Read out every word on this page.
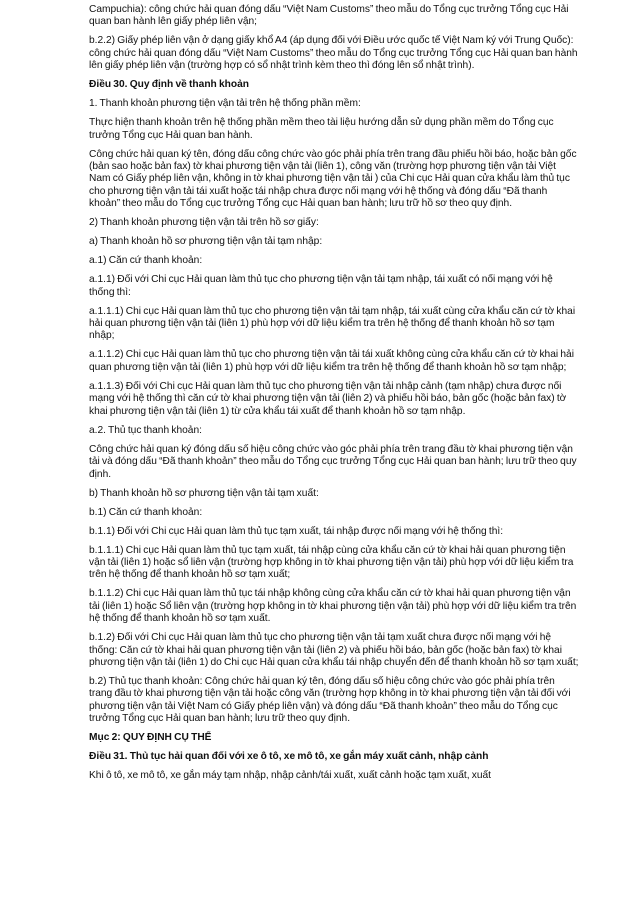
Campuchia): công chức hải quan đóng dấu “Việt Nam Customs” theo mẫu do Tổng cục trưởng Tổng cục Hải quan ban hành lên giấy phép liên vận;

b.2.2) Giấy phép liên vận ở dạng giấy khổ A4 (áp dụng đối với Điều ước quốc tế Việt Nam ký với Trung Quốc): công chức hải quan đóng dấu “Việt Nam Customs” theo mẫu do Tổng cục trưởng Tổng cục Hải quan ban hành lên giấy phép liên vận (trường hợp có sổ nhật trình kèm theo thì đóng lên sổ nhật trình).

Điều 30. Quy định về thanh khoản

1. Thanh khoản phương tiện vận tải trên hệ thống phần mềm:

Thực hiện thanh khoản trên hệ thống phần mềm theo tài liệu hướng dẫn sử dụng phần mềm do Tổng cục trưởng Tổng cục Hải quan ban hành.

Công chức hải quan ký tên, đóng dấu công chức vào góc phải phía trên trang đầu phiếu hồi báo, hoặc bản gốc (bản sao hoặc bản fax) tờ khai phương tiện vận tải (liên 1), công văn (trường hợp phương tiện vận tải Việt Nam có Giấy phép liên vận, không in tờ khai phương tiện vận tải ) của Chi cục Hải quan cửa khẩu làm thủ tục cho phương tiện vận tải tái xuất hoặc tái nhập chưa được nối mạng với hệ thống và đóng dấu “Đã thanh khoản” theo mẫu do Tổng cục trưởng Tổng cục Hải quan ban hành; lưu trữ hồ sơ theo quy định.

2) Thanh khoản phương tiện vận tải trên hồ sơ giấy:

a) Thanh khoản hồ sơ phương tiện vận tải tạm nhập:

a.1) Căn cứ thanh khoản:

a.1.1) Đối với Chi cục Hải quan làm thủ tục cho phương tiện vận tải tạm nhập, tái xuất có nối mạng với hệ thống thì:

a.1.1.1) Chi cục Hải quan làm thủ tục cho phương tiện vận tải tạm nhập, tái xuất cùng cửa khẩu căn cứ tờ khai hải quan phương tiện vận tải (liên 1) phù hợp với dữ liệu kiểm tra trên hệ thống để thanh khoản hồ sơ tạm nhập;

a.1.1.2) Chi cục Hải quan làm thủ tục cho phương tiện vận tải tái xuất không cùng cửa khẩu căn cứ tờ khai hải quan phương tiện vận tải (liên 1) phù hợp với dữ liệu kiểm tra trên hệ thống để thanh khoản hồ sơ tạm nhập;

a.1.1.3) Đối với Chi cục Hải quan làm thủ tục cho phương tiện vận tải nhập cảnh (tạm nhập) chưa được nối mạng với hệ thống thì căn cứ tờ khai phương tiện vận tải (liên 2) và phiếu hồi báo, bản gốc (hoặc bản fax) tờ khai phương tiện vận tải (liên 1) từ cửa khẩu tái xuất để thanh khoản hồ sơ tạm nhập.

a.2. Thủ tục thanh khoản:

Công chức hải quan ký đóng dấu số hiệu công chức vào góc phải phía trên trang đầu tờ khai phương tiện vận tải và đóng dấu “Đã thanh khoản” theo mẫu do Tổng cục trưởng Tổng cục Hải quan ban hành; lưu trữ theo quy định.

b) Thanh khoản hồ sơ phương tiện vận tải tạm xuất:

b.1) Căn cứ thanh khoản:

b.1.1) Đối với Chi cục Hải quan làm thủ tục tạm xuất, tái nhập được nối mạng với hệ thống thì:

b.1.1.1) Chi cục Hải quan làm thủ tục tạm xuất, tái nhập cùng cửa khẩu căn cứ tờ khai hải quan phương tiện vận tải (liên 1) hoặc sổ liên vận (trường hợp không in tờ khai phương tiện vận tải) phù hợp với dữ liệu kiểm tra trên hệ thống để thanh khoản hồ sơ tạm xuất;

b.1.1.2) Chi cục Hải quan làm thủ tục tái nhập không cùng cửa khẩu căn cứ tờ khai hải quan phương tiện vận tải (liên 1) hoặc Sổ liên vận (trường hợp không in tờ khai phương tiện vận tải) phù hợp với dữ liệu kiểm tra trên hệ thống để thanh khoản hồ sơ tạm xuất.

b.1.2) Đối với Chi cục Hải quan làm thủ tục cho phương tiện vận tải tạm xuất chưa được nối mạng với hệ thống: Căn cứ tờ khai hải quan phương tiện vận tải (liên 2) và phiếu hồi báo, bản gốc (hoặc bản fax) tờ khai phương tiện vận tải (liên 1) do Chi cục Hải quan cửa khẩu tái nhập chuyển đến để thanh khoản hồ sơ tạm xuất;

b.2) Thủ tục thanh khoản: Công chức hải quan ký tên, đóng dấu số hiệu công chức vào góc phải phía trên trang đầu tờ khai phương tiện vận tải hoặc công văn (trường hợp không in tờ khai phương tiện vận tải đối với phương tiện vận tải Việt Nam có Giấy phép liên vận) và đóng dấu “Đã thanh khoản” theo mẫu do Tổng cục trưởng Tổng cục Hải quan ban hành; lưu trữ theo quy định.

Mục 2: QUY ĐỊNH CỤ THỂ

Điều 31. Thủ tục hải quan đối với xe ô tô, xe mô tô, xe gắn máy xuất cảnh, nhập cảnh

Khi ô tô, xe mô tô, xe gắn máy tạm nhập, nhập cảnh/tái xuất, xuất cảnh hoặc tạm xuất, xuất
